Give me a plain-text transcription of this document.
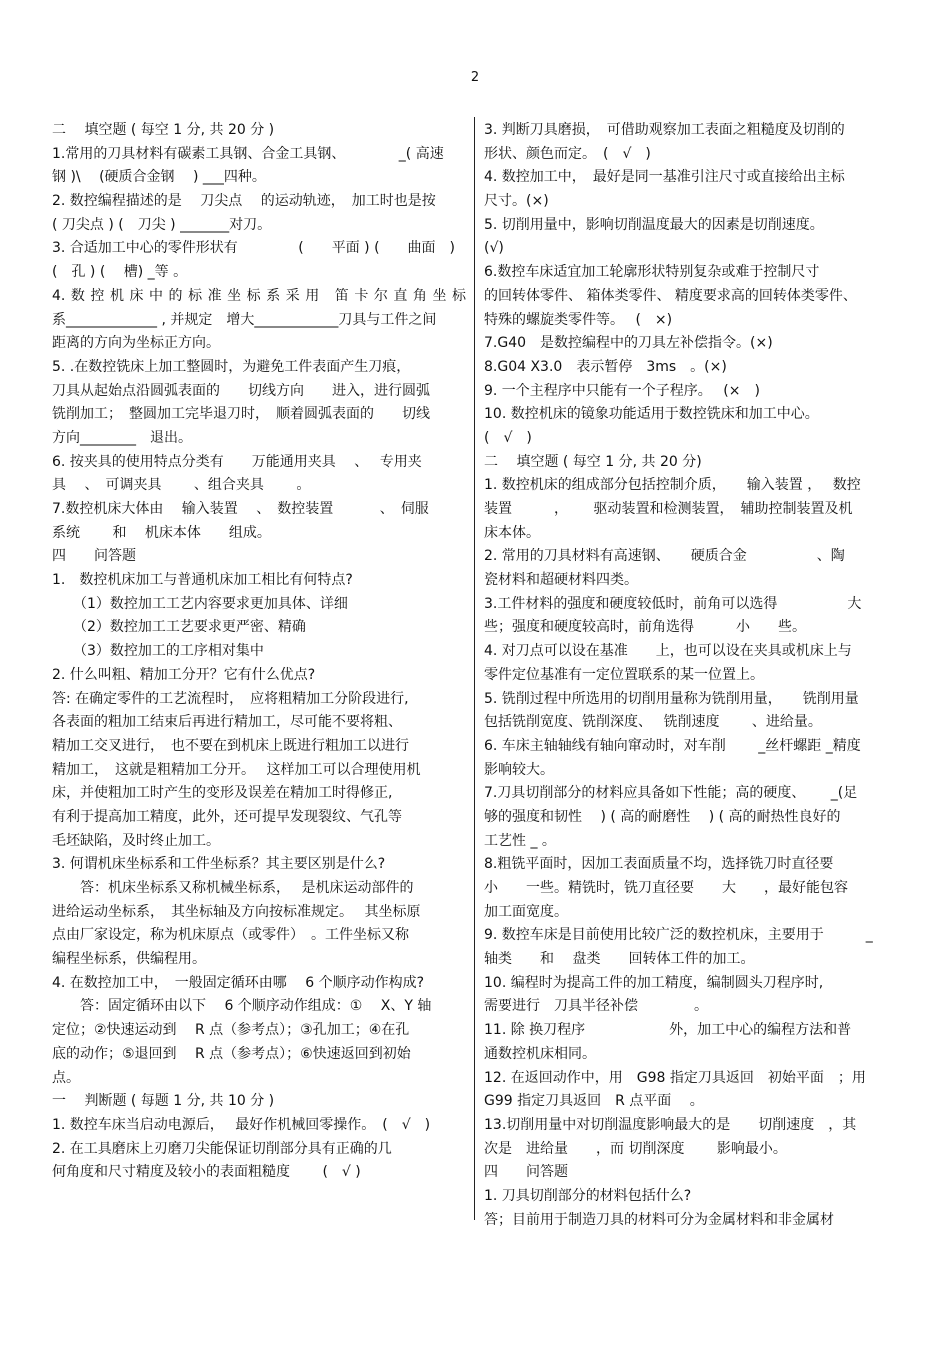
2
二　 填空题 ( 每空 1 分, 共 20 分 )
1.常用的刀具材料有碳素工具钢、合金工具钢、　　　 　_( 高速
钢 )\　 (硬质合金钢 　) ___四种。
2. 数控编程描述的是　 刀尖点　 的运动轨迹，　加工时也是按
( 刀尖点 ) (　刀尖 ) _______对刀。
3. 合适加工中心的零件形状有　　　　 (　　平面 ) (　　曲面　)
(　孔 ) (　 槽) _等 。
4.数控机床中的标准坐标系采用 笛卡尔直角坐标
系_____________ , 并规定　增大____________刀具与工件之间
距离的方向为坐标正方向。
5. .在数控铣床上加工整圆时，为避免工件表面产生刀痕，
刀具从起始点沿圆弧表面的　　切线方向　　进入，进行圆弧
铣削加工；　整圆加工完毕退刀时，　顺着圆弧表面的　　切线
方向________　退出。
6. 按夹具的使用特点分类有　　万能通用夹具　 、　 专用夹
具　 、　可调夹具　　 、组合夹具　　 。
7.数控机床大体由　 输入装置　 、　数控装置　　　 、　伺服
系统　　 和 　机床本体　　组成。
四　　问答题
1.　数控机床加工与普通机床加工相比有何特点?
　　（1）数控加工工艺内容要求更加具体、详细
　　（2）数控加工工艺要求更严密、精确
　　（3）数控加工的工序相对集中
2. 什么叫粗、精加工分开？它有什么优点?
答: 在确定零件的工艺流程时，　应将粗精加工分阶段进行,
各表面的粗加工结束后再进行精加工，尽可能不要将粗、
精加工交叉进行，　也不要在到机床上既进行粗加工以进行
精加工，　这就是粗精加工分开。　 这样加工可以合理使用机
床，并使粗加工时产生的变形及误差在精加工时得修正,
有利于提高加工精度，此外，还可提早发现裂纹、气孔等
毛坯缺陷，及时终止加工。
3. 何谓机床坐标系和工件坐标系？其主要区别是什么?
　　答：机床坐标系又称机械坐标系，　 是机床运动部件的
进给运动坐标系，　其坐标轴及方向按标准规定。　 其坐标原
点由厂家设定，称为机床原点（或零件）　。工件坐标又称
编程坐标系，供编程用。
4. 在数控加工中，　一般固定循环由哪　 6 个顺序动作构成?
　　答：固定循环由以下　 6 个顺序动作组成：①　 X、Y 轴
定位；②快速运动到　 R 点（参考点）；③孔加工；④在孔
底的动作；⑤退回到　 R 点（参考点）；⑥快速返回到初始
点。
一　 判断题 ( 每题 1 分, 共 10 分 )
1. 数控车床当启动电源后，　 最好作机械回零操作。　(　√　)
2. 在工具磨床上刃磨刀尖能保证切削部分具有正确的几
何角度和尺寸精度及较小的表面粗糙度　　 (　√ )
3. 判断刀具磨损，　可借助观察加工表面之粗糙度及切削的
形状、颜色而定。　(　√　)
4. 数控加工中，　最好是同一基准引注尺寸或直接给出主标
尺寸。(×)
5. 切削用量中，影响切削温度最大的因素是切削速度。
(√)
6.数控车床适宜加工轮廓形状特别复杂或难于控制尺寸
的回转体零件、 箱体类零件、 精度要求高的回转体类零件、
特殊的螺旋类零件等。　 (　×)
7.G40　是数控编程中的刀具左补偿指令。(×)
8.G04 X3.0　表示暂停　3ms　。(×)
9. 一个主程序中只能有一个子程序。　 (×　)
10. 数控机床的镜象功能适用于数控铣床和加工中心。
(　√　)
二　 填空题 ( 每空 1 分, 共 20 分)
1. 数控机床的组成部分包括控制介质，　　输入装置 ，　 数控
装置　　　，　　 驱动装置和检测装置，　辅助控制装置及机
床本体。
2. 常用的刀具材料有高速钢、　　硬质合金　　　　　、陶
瓷材料和超硬材料四类。
3.工件材料的强度和硬度较低时，前角可以选得　　　　　大
些；强度和硬度较高时，前角选得　　　小　　些。
4. 对刀点可以设在基准　　上，也可以设在夹具或机床上与
零件定位基准有一定位置联系的某一位置上。
5. 铣削过程中所选用的切削用量称为铣削用量，　　铣削用量
包括铣削宽度、铣削深度、　 铣削速度　　 、进给量。
6. 车床主轴轴线有轴向窜动时，对车削　　 _丝杆螺距 _精度
影响较大。
7.刀具切削部分的材料应具备如下性能；高的硬度、　　 _(足
够的强度和韧性　 ) ( 高的耐磨性　 ) ( 高的耐热性良好的
工艺性 _ 。
8.粗铣平面时，因加工表面质量不均，选择铣刀时直径要
小　　一些。精铣时，铣刀直径要　　大　　，最好能包容
加工面宽度。
9. 数控车床是目前使用比较广泛的数控机床，主要用于　　　_
轴类　　和 　盘类　　回转体工件的加工。
10. 编程时为提高工件的加工精度，编制圆头刀程序时,
需要进行　刀具半径补偿　　　　。
11. 除 换刀程序　　　　　　外，加工中心的编程方法和普
通数控机床相同。
12. 在返回动作中，用　G98 指定刀具返回　初始平面　；用
G99 指定刀具返回　R 点平面　 。
13.切削用量中对切削温度影响最大的是　　切削速度　，其
次是　进给量　　，而 切削深度　　 影响最小。
四　　问答题
1. 刀具切削部分的材料包括什么?
答；目前用于制造刀具的材料可分为金属材料和非金属材
